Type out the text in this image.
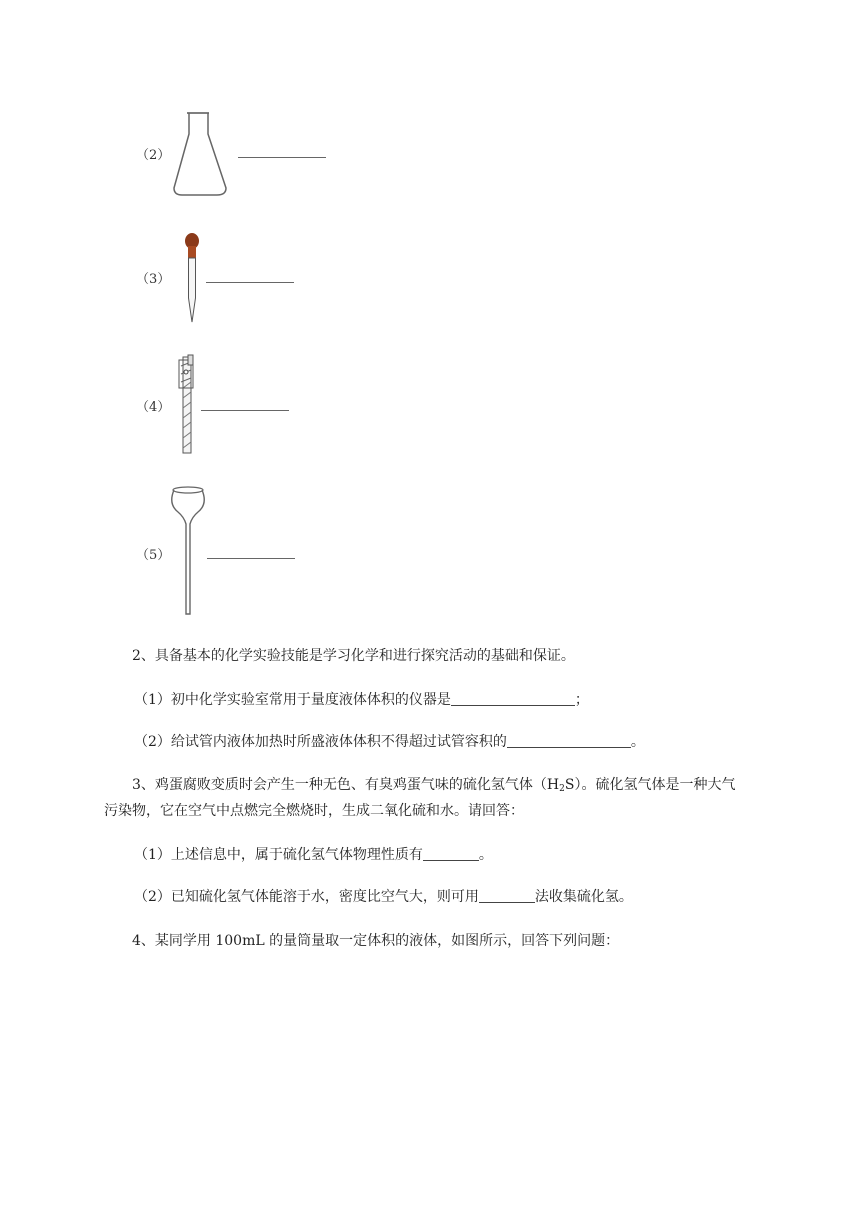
（2）
（3）
（4）
（5）
2、具备基本的化学实验技能是学习化学和进行探究活动的基础和保证。
（1）初中化学实验室常用于量度液体体积的仪器是	；
（2）给试管内液体加热时所盛液体体积不得超过试管容积的	。
3、鸡蛋腐败变质时会产生一种无色、有臭鸡蛋气味的硫化氢气体$(H_2S)$。硫化氢气体是一种大气
污染物，它在空气中点燃完全燃烧时，生成二氧化硫和水。请回答：
（1）上述信息中，属于硫化氢气体物理性质有	。
（2）已知硫化氢气体能溶于水，密度比空气大，则可用	法收集硫化氢。
4、某同学用 100mL 的量筒量取一定体积的液体，如图所示，回答下列问题：
